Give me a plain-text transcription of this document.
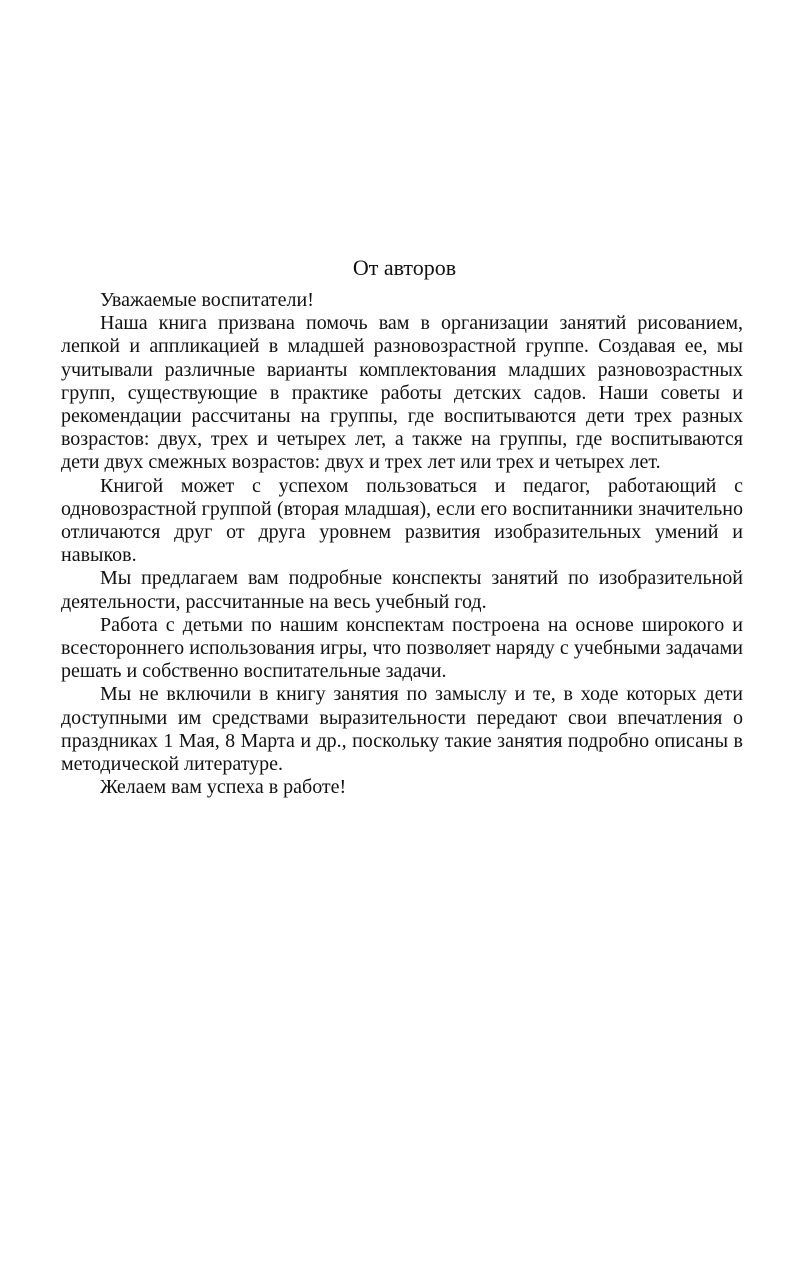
От авторов

Уважаемые воспитатели!

Наша книга призвана помочь вам в организации занятий рисованием, лепкой и аппликацией в младшей разновозрастной группе. Создавая ее, мы учитывали различные варианты комплектования младших разновозрастных групп, существующие в практике работы детских садов. Наши советы и рекомендации рассчитаны на группы, где воспитываются дети трех разных возрастов: двух, трех и четырех лет, а также на группы, где воспитываются дети двух смежных возрастов: двух и трех лет или трех и четырех лет.

Книгой может с успехом пользоваться и педагог, работающий с одновозрастной группой (вторая младшая), если его воспитанники значительно отличаются друг от друга уровнем развития изобразительных умений и навыков.

Мы предлагаем вам подробные конспекты занятий по изобразительной деятельности, рассчитанные на весь учебный год.

Работа с детьми по нашим конспектам построена на основе широкого и всестороннего использования игры, что позволяет наряду с учебными задачами решать и собственно воспитательные задачи.

Мы не включили в книгу занятия по замыслу и те, в ходе которых дети доступными им средствами выразительности передают свои впечатления о праздниках 1 Мая, 8 Марта и др., поскольку такие занятия подробно описаны в методической литературе.

Желаем вам успеха в работе!
